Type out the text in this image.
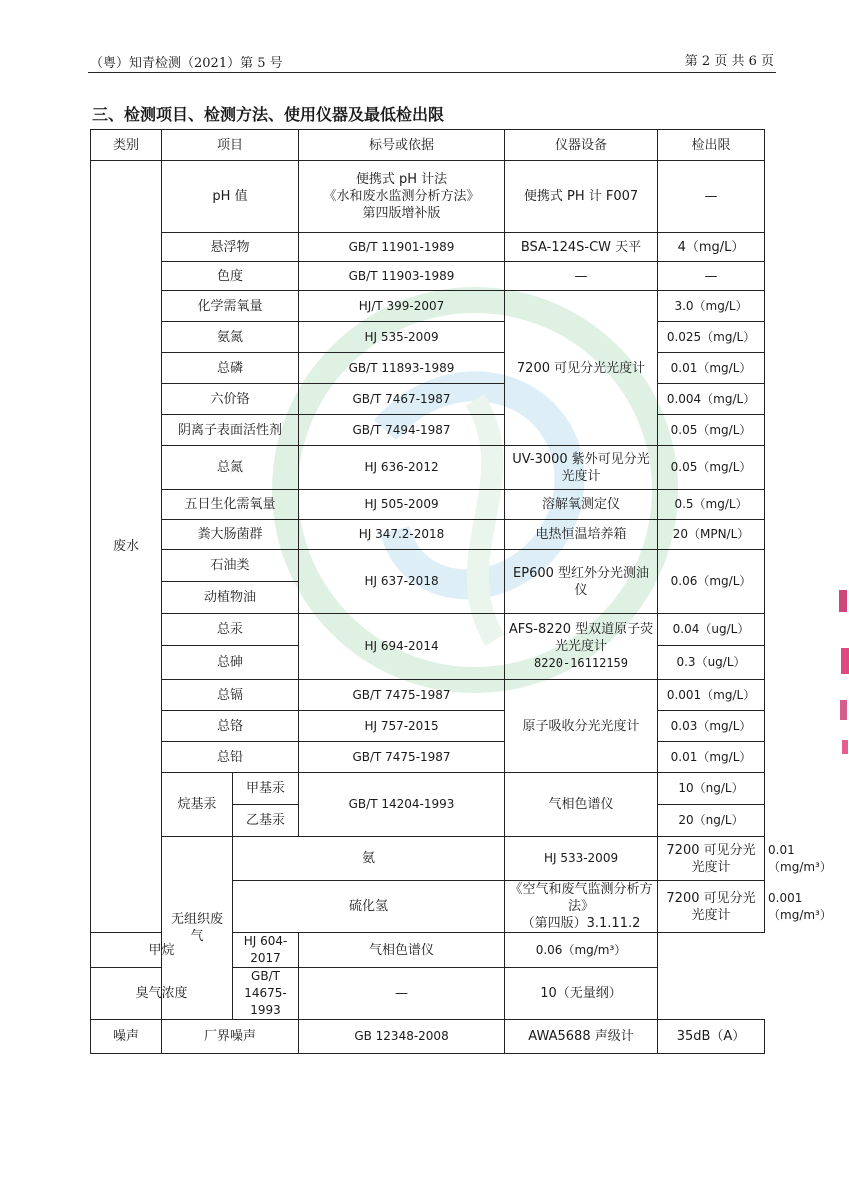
（粤）知青检测（2021）第 5 号	第 2 页 共 6 页
三、检测项目、检测方法、使用仪器及最低检出限
类别	项目		标号或依据	仪器设备	检出限	
废水	pH 值		便携式 pH 计法
《水和废水监测分析方法》
第四版增补版	便携式 PH 计 F007	—	
	悬浮物		GB/T 11901-1989	BSA-124S-CW 天平	4（mg/L）	
	色度		GB/T 11903-1989	—	—	
	化学需氧量		HJ/T 399-2007	7200 可见分光光度计	3.0（mg/L）	
	氨氮		HJ 535-2009		0.025（mg/L）	
	总磷		GB/T 11893-1989		0.01（mg/L）	
	六价铬		GB/T 7467-1987		0.004（mg/L）	
	阴离子表面活性剂		GB/T 7494-1987		0.05（mg/L）	
	总氮		HJ 636-2012	UV-3000 紫外可见分光光度计	0.05（mg/L）	
	五日生化需氧量		HJ 505-2009	溶解氧测定仪	0.5（mg/L）	
	粪大肠菌群		HJ 347.2-2018	电热恒温培养箱	20（MPN/L）	
	石油类		HJ 637-2018	EP600 型红外分光测油仪	0.06（mg/L）	
	动植物油					
	总汞		HJ 694-2014	AFS-8220 型双道原子荧光光度计
8220-16112159	0.04（ug/L）	
	总砷				0.3（ug/L）	
	总镉		GB/T 7475-1987	原子吸收分光光度计	0.001（mg/L）	
	总铬		HJ 757-2015		0.03（mg/L）	
	总铅		GB/T 7475-1987		0.01（mg/L）	
	烷基汞	甲基汞	GB/T 14204-1993	气相色谱仪	10（ng/L）	
		乙基汞			20（ng/L）	
	无组织废气	氨		HJ 533-2009	7200 可见分光光度计	0.01（mg/m³）
		硫化氢		《空气和废气监测分析方法》
（第四版）3.1.11.2	7200 可见分光光度计	0.001（mg/m³）
甲烷		HJ 604-2017	气相色谱仪	0.06（mg/m³）		
臭气浓度		GB/T 14675-1993	—	10（无量纲）		
噪声	厂界噪声		GB 12348-2008	AWA5688 声级计	35dB（A）	
